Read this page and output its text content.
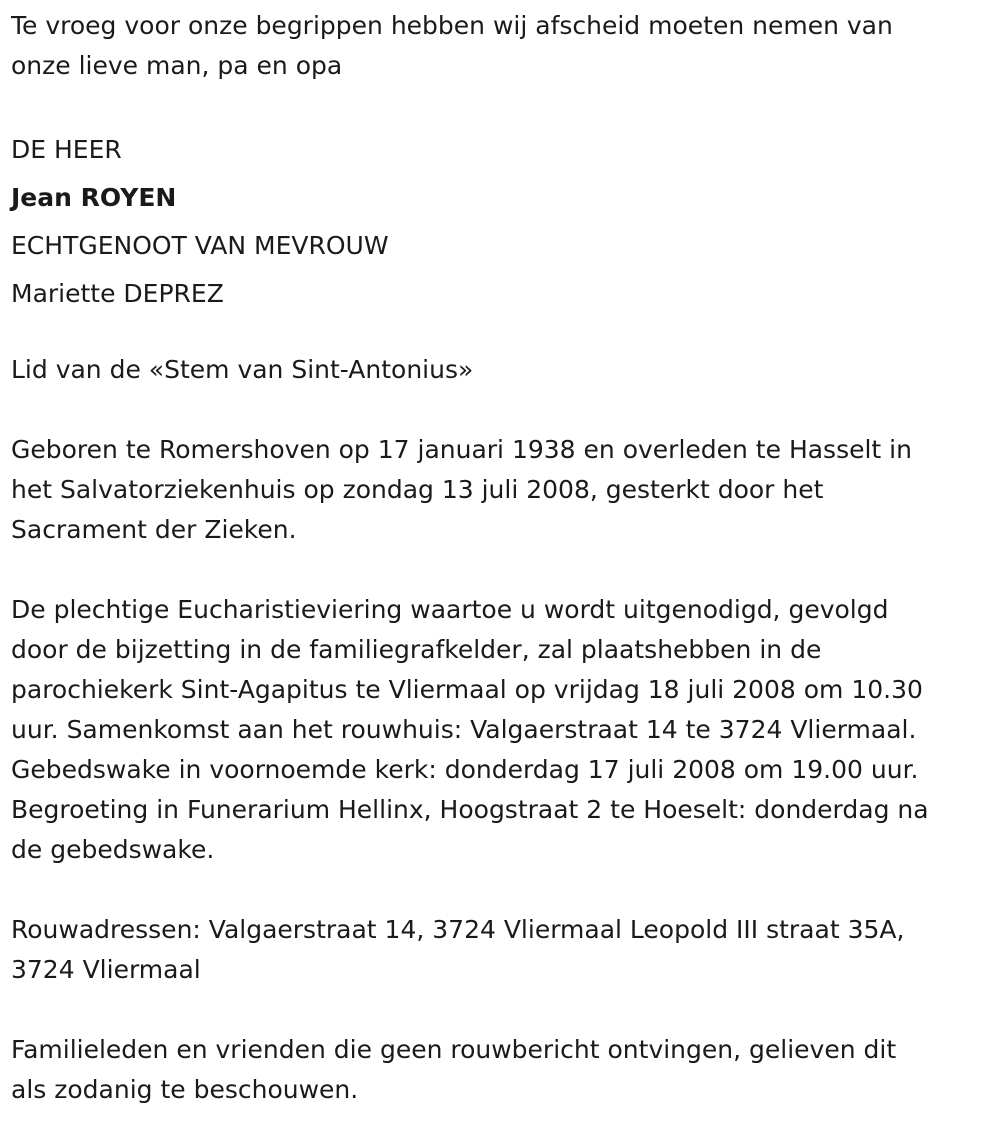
Te vroeg voor onze begrippen hebben wij afscheid moeten nemen van
onze lieve man, pa en opa
DE HEER
Jean ROYEN
ECHTGENOOT VAN MEVROUW
Mariette DEPREZ
Lid van de «Stem van Sint-Antonius»
Geboren te Romershoven op 17 januari 1938 en overleden te Hasselt in
het Salvatorziekenhuis op zondag 13 juli 2008, gesterkt door het
Sacrament der Zieken.
De plechtige Eucharistieviering waartoe u wordt uitgenodigd, gevolgd
door de bijzetting in de familiegrafkelder, zal plaatshebben in de
parochiekerk Sint-Agapitus te Vliermaal op vrijdag 18 juli 2008 om 10.30
uur. Samenkomst aan het rouwhuis: Valgaerstraat 14 te 3724 Vliermaal.
Gebedswake in voornoemde kerk: donderdag 17 juli 2008 om 19.00 uur.
Begroeting in Funerarium Hellinx, Hoogstraat 2 te Hoeselt: donderdag na
de gebedswake.
Rouwadressen: Valgaerstraat 14, 3724 Vliermaal Leopold III straat 35A,
3724 Vliermaal
Familieleden en vrienden die geen rouwbericht ontvingen, gelieven dit
als zodanig te beschouwen.
